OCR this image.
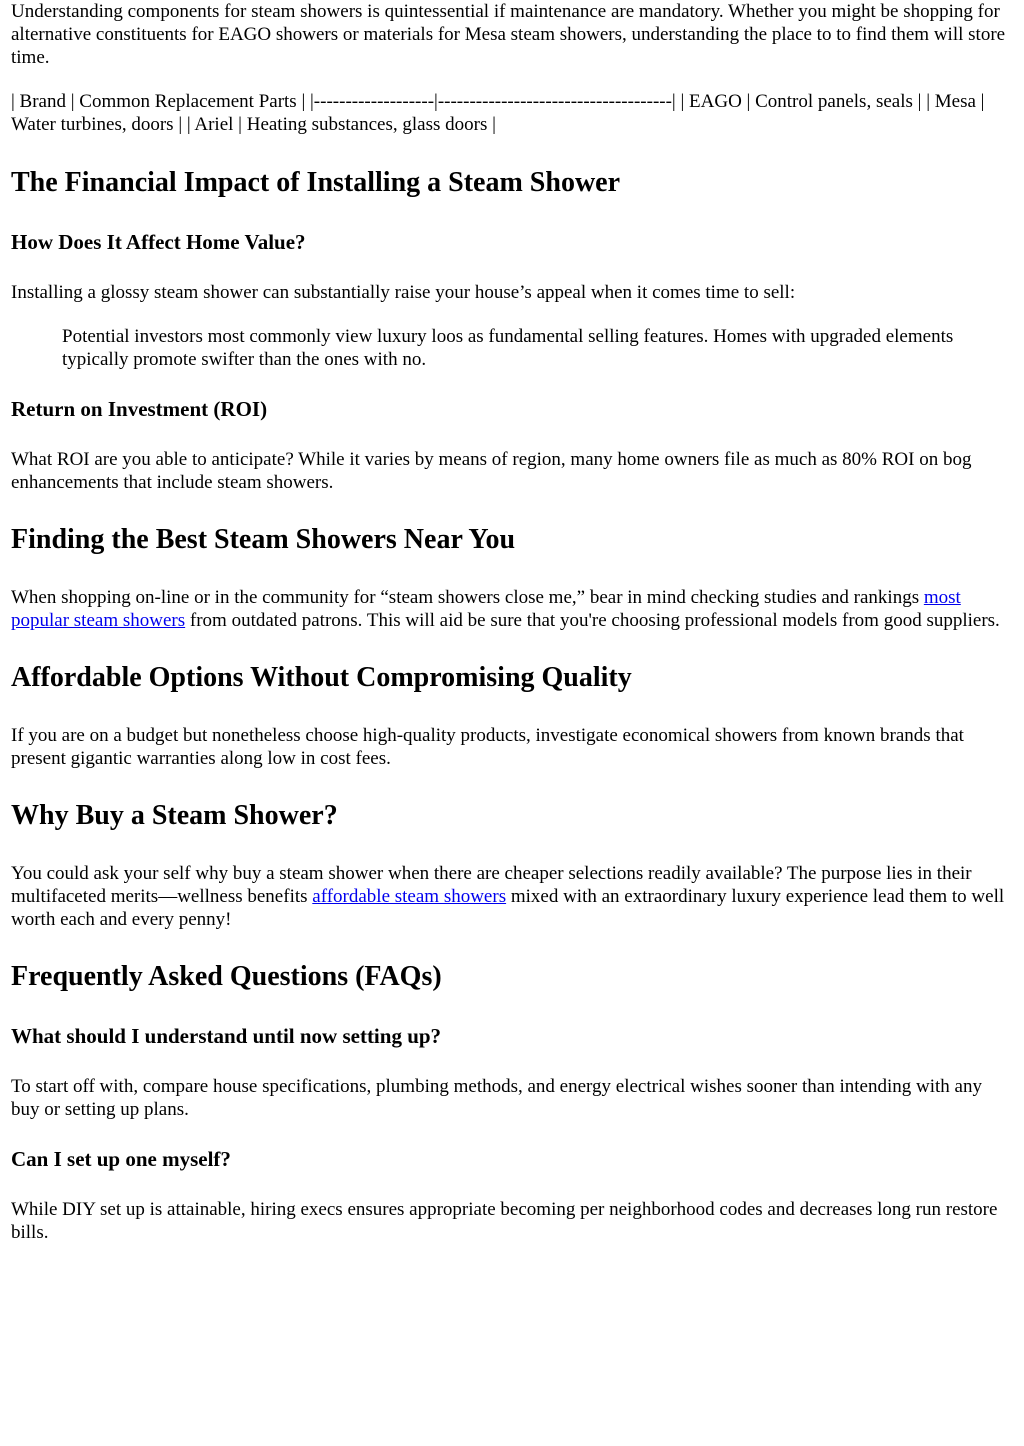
Understanding components for steam showers is quintessential if maintenance are mandatory. Whether you might be shopping for alternative constituents for EAGO showers or materials for Mesa steam showers, understanding the place to to find them will store time.

| Brand | Common Replacement Parts | |-------------------|-------------------------------------| | EAGO | Control panels, seals | | Mesa | Water turbines, doors | | Ariel | Heating substances, glass doors |

The Financial Impact of Installing a Steam Shower
How Does It Affect Home Value?

Installing a glossy steam shower can substantially raise your house’s appeal when it comes time to sell:

Potential investors most commonly view luxury loos as fundamental selling features. Homes with upgraded elements typically promote swifter than the ones with no.
Return on Investment (ROI)

What ROI are you able to anticipate? While it varies by means of region, many home owners file as much as 80% ROI on bog enhancements that include steam showers.

Finding the Best Steam Showers Near You

When shopping on-line or in the community for “steam showers close me,” bear in mind checking studies and rankings most popular steam showers from outdated patrons. This will aid be sure that you're choosing professional models from good suppliers.

Affordable Options Without Compromising Quality

If you are on a budget but nonetheless choose high-quality products, investigate economical showers from known brands that present gigantic warranties along low in cost fees.

Why Buy a Steam Shower?

You could ask your self why buy a steam shower when there are cheaper selections readily available? The purpose lies in their multifaceted merits—wellness benefits affordable steam showers mixed with an extraordinary luxury experience lead them to well worth each and every penny!

Frequently Asked Questions (FAQs)
What should I understand until now setting up?

To start off with, compare house specifications, plumbing methods, and energy electrical wishes sooner than intending with any buy or setting up plans.

Can I set up one myself?

While DIY set up is attainable, hiring execs ensures appropriate becoming per neighborhood codes and decreases long run restore bills.
